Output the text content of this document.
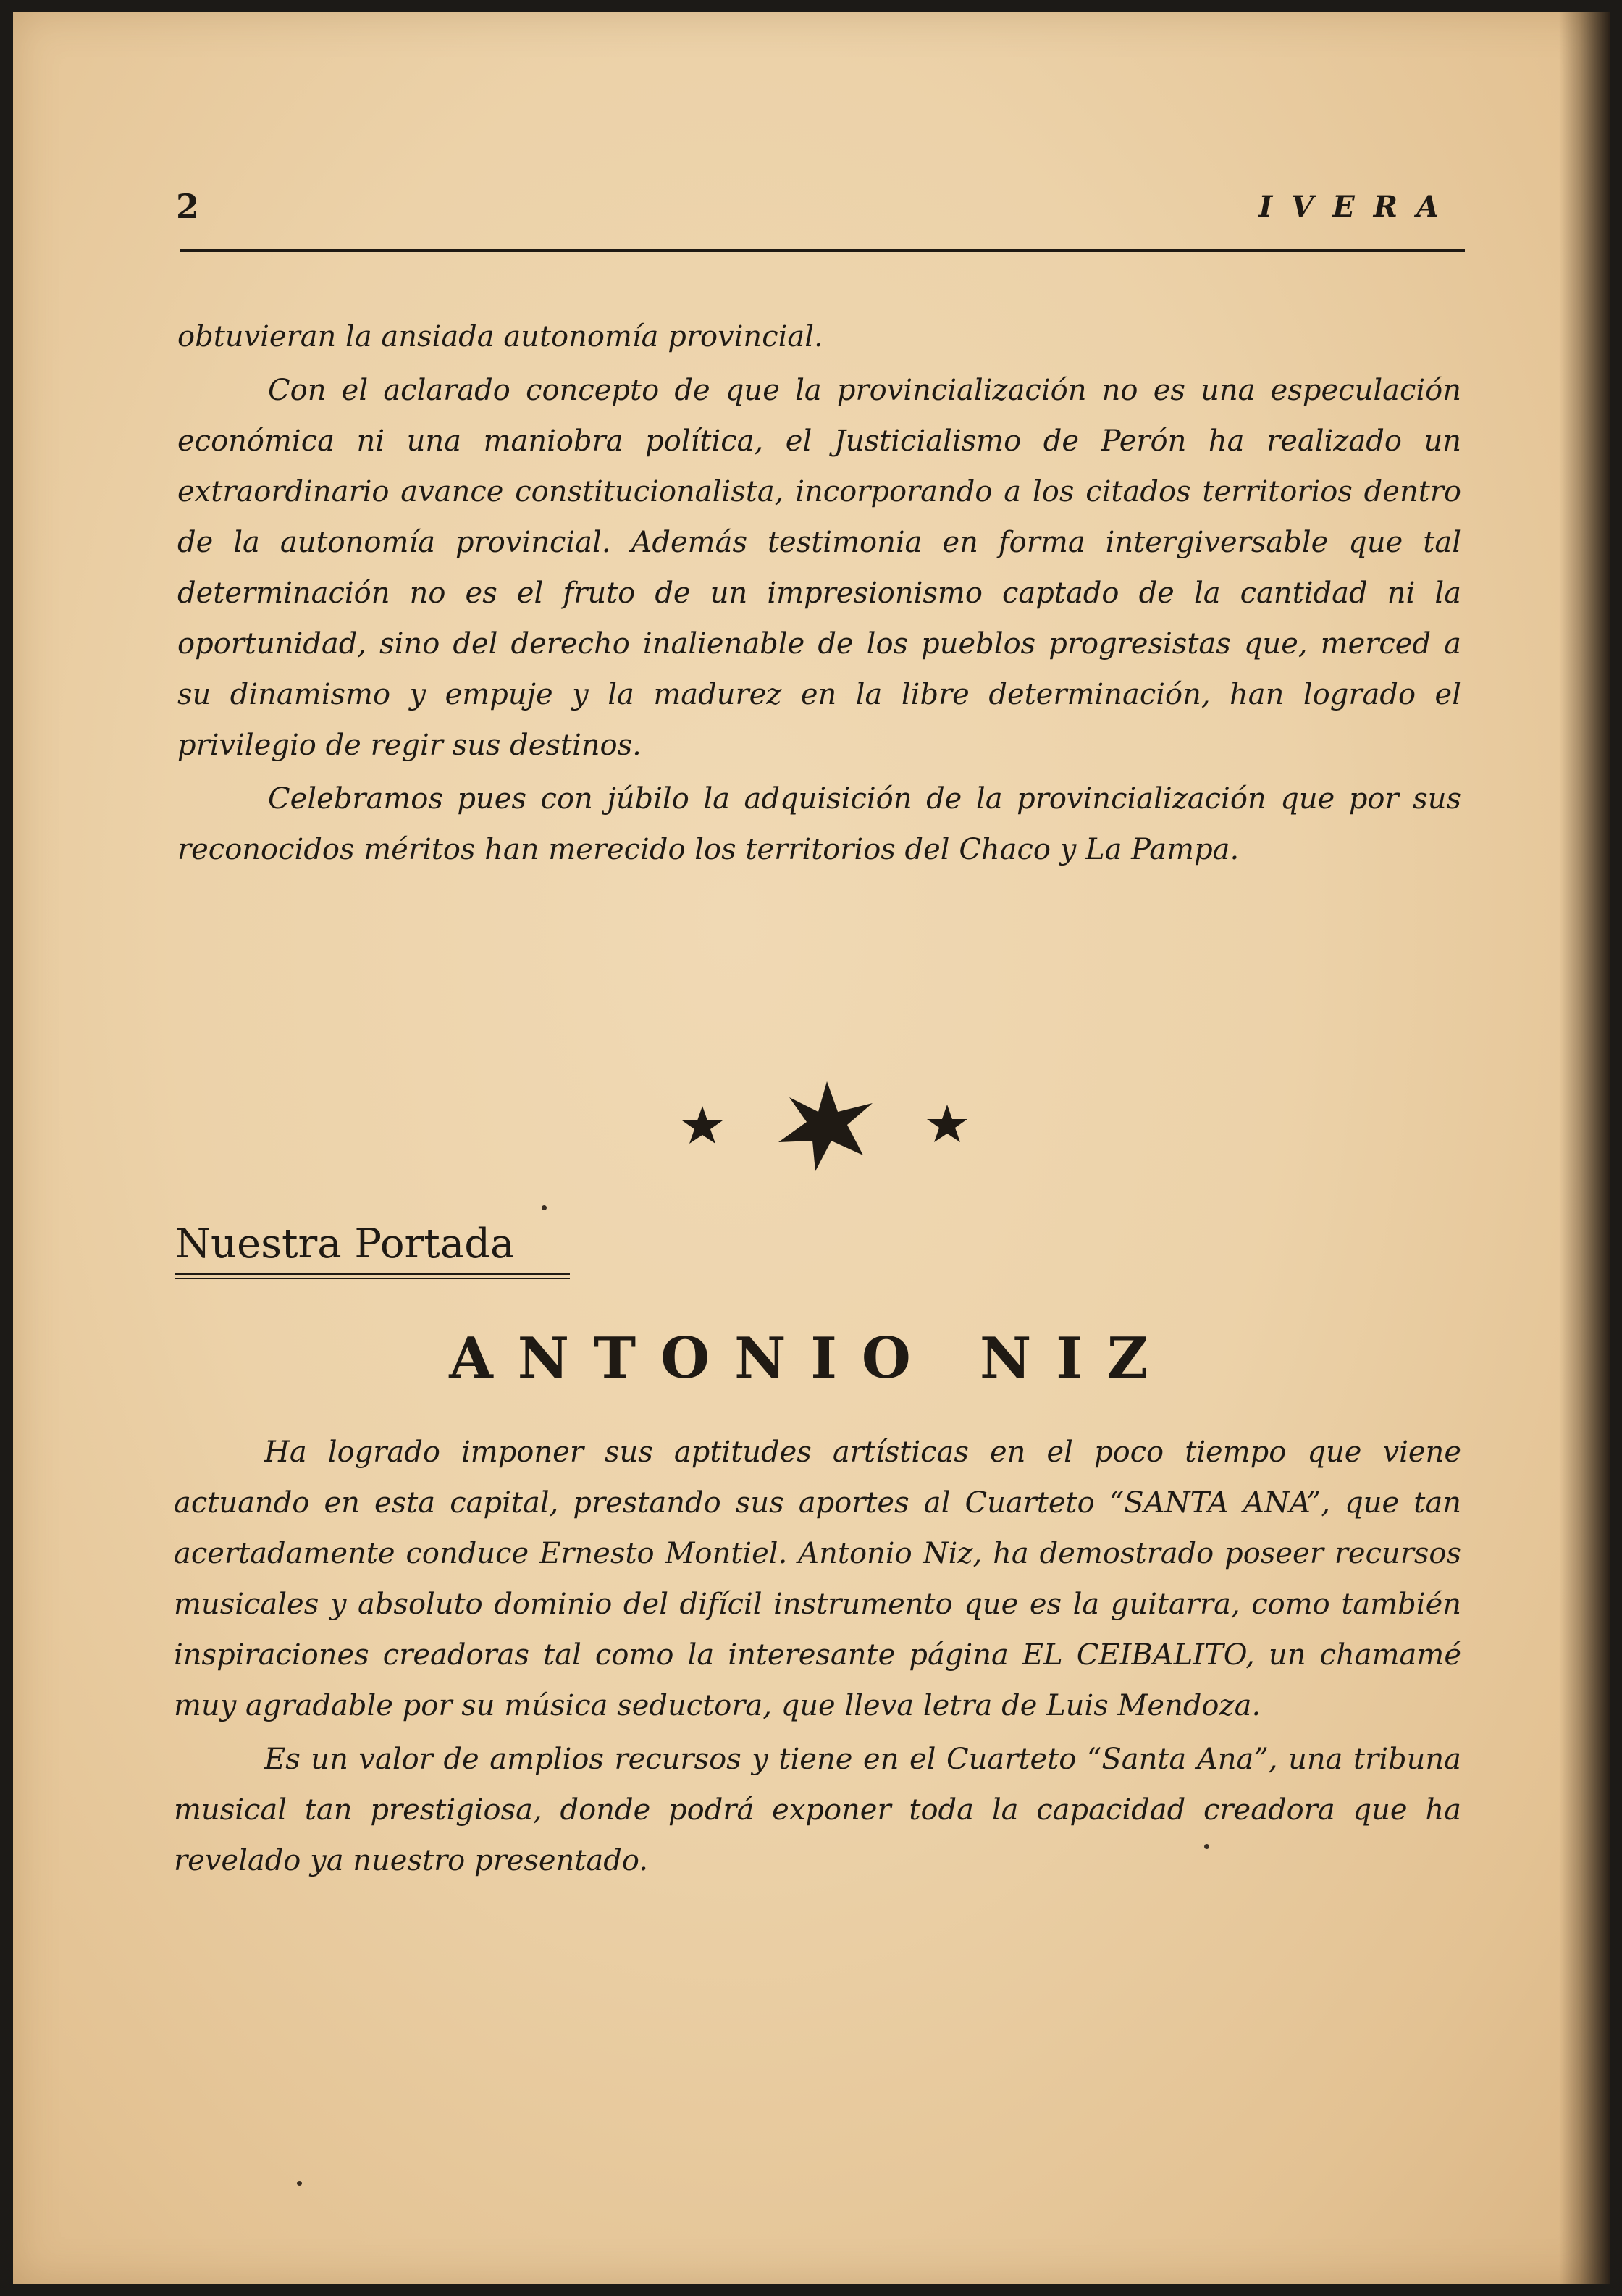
2	IVERA

obtuvieran la ansiada autonomía provincial.

Con el aclarado concepto de que la provincialización no es una especulación económica ni una maniobra política, el Justicialismo de Perón ha realizado un extraordinario avance constitucionalista, incorporando a los citados territorios dentro de la autonomía provincial. Además testimonia en forma intergiversable que tal determinación no es el fruto de un impresionismo captado de la cantidad ni la oportunidad, sino del derecho inalienable de los pueblos progresistas que, merced a su dinamismo y empuje y la madurez en la libre determinación, han logrado el privilegio de regir sus destinos.

Celebramos pues con júbilo la adquisición de la provincialización que por sus reconocidos méritos han merecido los territorios del Chaco y La Pampa.

Nuestra Portada
ANTONIO NIZ

Ha logrado imponer sus aptitudes artísticas en el poco tiempo que viene actuando en esta capital, prestando sus aportes al Cuarteto “SANTA ANA”, que tan acertadamente conduce Ernesto Montiel. Antonio Niz, ha demostrado poseer recursos musicales y absoluto dominio del difícil instrumento que es la guitarra, como también inspiraciones creadoras tal como la interesante página EL CEIBALITO, un chamamé muy agradable por su música seductora, que lleva letra de Luis Mendoza.

Es un valor de amplios recursos y tiene en el Cuarteto “Santa Ana”, una tribuna musical tan prestigiosa, donde podrá exponer toda la capacidad creadora que ha revelado ya nuestro presentado.
